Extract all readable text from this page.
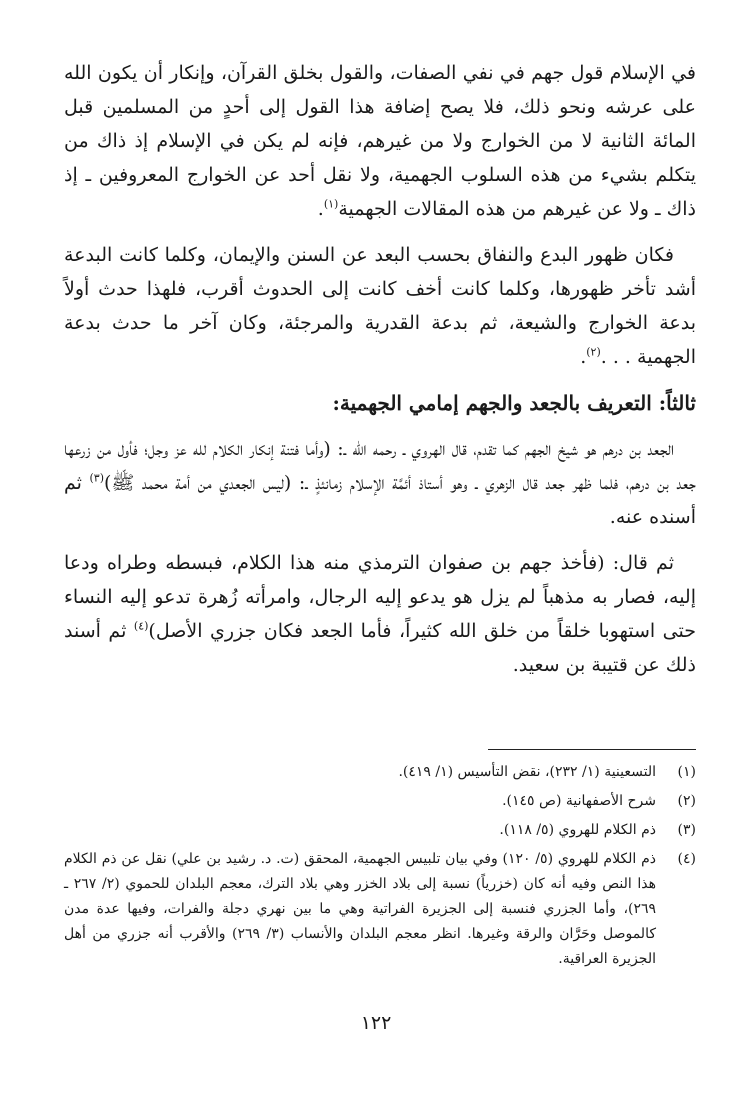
في الإسلام قول جهم في نفي الصفات، والقول بخلق القرآن، وإنكار أن يكون الله على عرشه ونحو ذلك، فلا يصح إضافة هذا القول إلى أحدٍ من المسلمين قبل المائة الثانية لا من الخوارج ولا من غيرهم، فإنه لم يكن في الإسلام إذ ذاك من يتكلم بشيء من هذه السلوب الجهمية، ولا نقل أحد عن الخوارج المعروفين ـ إذ ذاك ـ ولا عن غيرهم من هذه المقالات الجهمية$^{(١)}$.

فكان ظهور البدع والنفاق بحسب البعد عن السنن والإيمان، وكلما كانت البدعة أشد تأخر ظهورها، وكلما كانت أخف كانت إلى الحدوث أقرب، فلهذا حدث أولاً بدعة الخوارج والشيعة، ثم بدعة القدرية والمرجئة، وكان آخر ما حدث بدعة الجهمية . . .$^{(٢)}$.

ثالثاً: التعريف بالجعد والجهم إمامي الجهمية:

الجعد بن درهم هو شيخ الجهم كما تقدم، قال الهروي ـ رحمه الله ـ: (وأما فتنة إنكار الكلام لله عز وجل؛ فأول من زرعها جعد بن درهم، فلما ظهر جعد قال الزهري ـ وهو أستاذ أئمَّة الإسلام زمانئذٍ ـ: (ليس الجعدي من أمة محمد ﷺ)$^{(٣)}$ ثم أسنده عنه.

ثم قال: (فأخذ جهم بن صفوان الترمذي منه هذا الكلام، فبسطه وطراه ودعا إليه، فصار به مذهباً لم يزل هو يدعو إليه الرجال، وامرأته زُهرة تدعو إليه النساء حتى استهوبا خلقاً من خلق الله كثيراً، فأما الجعد فكان جزري الأصل)$^{(٤)}$ ثم أسند ذلك عن قتيبة بن سعيد.

(١)
التسعينية (١/ ٢٣٢)، نقض التأسيس (١/ ٤١٩).
(٢)
شرح الأصفهانية (ص ١٤٥).
(٣)
ذم الكلام للهروي (٥/ ١١٨).
(٤)
ذم الكلام للهروي (٥/ ١٢٠) وفي بيان تلبيس الجهمية، المحقق (ت. د. رشيد بن علي) نقل عن ذم الكلام هذا النص وفيه أنه كان (خزرياً) نسبة إلى بلاد الخزر وهي بلاد الترك، معجم البلدان للحموي (٢/ ٢٦٧ ـ ٢٦٩)، وأما الجزري فنسبة إلى الجزيرة الفراتية وهي ما بين نهري دجلة والفرات، وفيها عدة مدن كالموصل وحَرَّان والرقة وغيرها. انظر معجم البلدان والأنساب (٣/ ٢٦٩) والأقرب أنه جزري من أهل الجزيرة العراقية.
١٢٢
